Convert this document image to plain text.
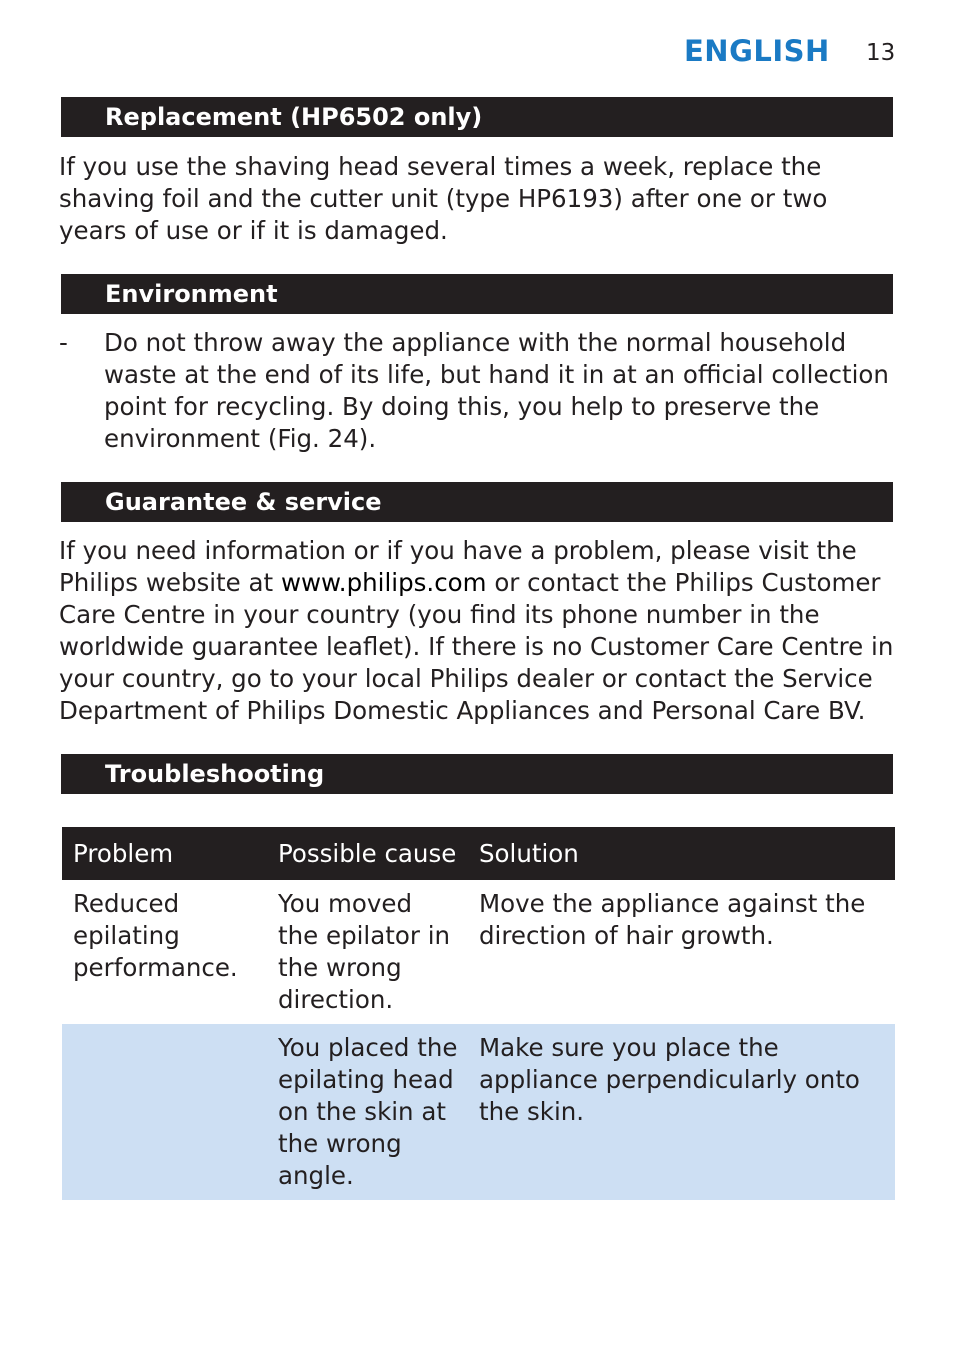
ENGLISH 13
Replacement (HP6502 only)
If you use the shaving head several times a week, replace the shaving foil and the cutter unit (type HP6193) after one or two years of use or if it is damaged.
Environment
- Do not throw away the appliance with the normal household waste at the end of its life, but hand it in at an official collection point for recycling. By doing this, you help to preserve the
environment (Fig. 24).
Guarantee & service
If you need information or if you have a problem, please visit the Philips website at www.philips.com or contact the Philips Customer Care Centre in your country (you find its phone number in the worldwide guarantee leaflet). If there is no Customer Care Centre in your country, go to your local Philips dealer or contact the Service Department of Philips Domestic Appliances and Personal Care BV.
Troubleshooting
Problem	Possible cause	Solution
Reduced epilating performance.	You moved the epilator in the wrong direction.	Move the appliance against the direction of hair growth.
	You placed the epilating head on the skin at the wrong angle.	Make sure you place the appliance perpendicularly onto the skin.
